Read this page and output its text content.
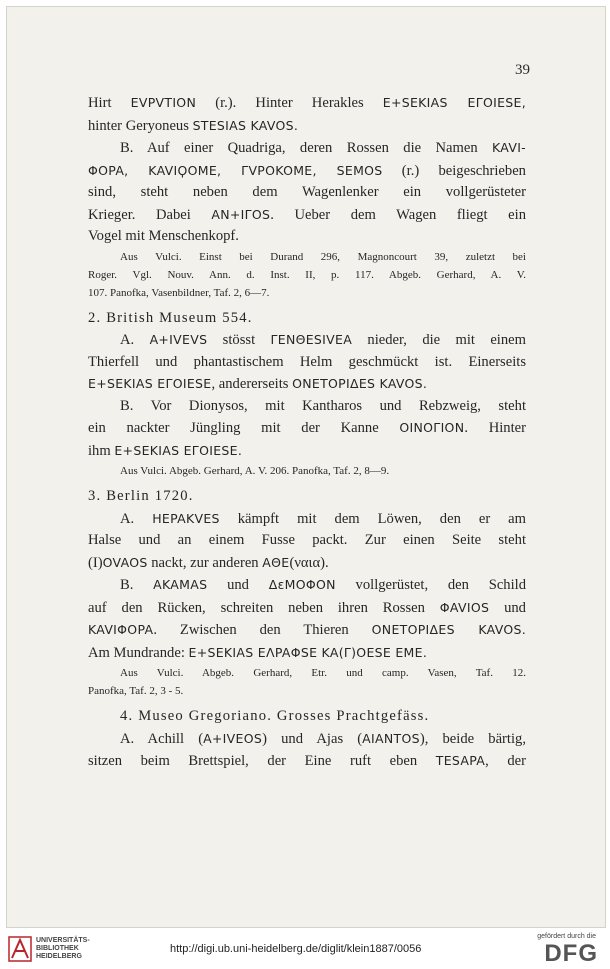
39

Hirt EVPVTION (r.). Hinter Herakles E+SEKIAS EΓOIESE,

hinter Geryoneus STESIAS KAVOS.

B. Auf einer Quadriga, deren Rossen die Namen KAVI-

ΦOPA, KAVIϘOME, ΓVPOKOME, SEMOS (r.) beigeschrieben

sind, steht neben dem Wagenlenker ein vollgerüsteter

Krieger. Dabei AN+IΓOS. Ueber dem Wagen fliegt ein

Vogel mit Menschenkopf.

Aus Vulci. Einst bei Durand 296, Magnoncourt 39, zuletzt bei

Roger. Vgl. Nouv. Ann. d. Inst. II, p. 117. Abgeb. Gerhard, A. V.

107. Panofka, Vasenbildner, Taf. 2, 6—7.

2. British Museum 554.

A. A+IVEVS stösst ΓENΘESIVEA nieder, die mit einem

Thierfell und phantastischem Helm geschmückt ist. Einerseits

E+SEKIAS EΓOIESE, andererseits ONETOPIΔES KAVOS.

B. Vor Dionysos, mit Kantharos und Rebzweig, steht

ein nackter Jüngling mit der Kanne OINOΓION. Hinter

ihm E+SEKIAS EΓOIESE.

Aus Vulci. Abgeb. Gerhard, A. V. 206. Panofka, Taf. 2, 8—9.

3. Berlin 1720.

A. HEPAKVES kämpft mit dem Löwen, den er am

Halse und an einem Fusse packt. Zur einen Seite steht

(I)OVAOS nackt, zur anderen AΘE(ναια).

B. AKAMAS und ΔεMOΦON vollgerüstet, den Schild

auf den Rücken, schreiten neben ihren Rossen ΦAVIOS und

KAVIΦOPA. Zwischen den Thieren ONETOPIΔES KAVOS.

Am Mundrande: E+SEKIAS EΛPAΦSE KA(Γ)OESE EME.

Aus Vulci. Abgeb. Gerhard, Etr. und camp. Vasen, Taf. 12.

Panofka, Taf. 2, 3 - 5.

4. Museo Gregoriano. Grosses Prachtgefäss.

A. Achill (A+IVEOS) und Ajas (AIANTOS), beide bärtig,

sitzen beim Brettspiel, der Eine ruft eben TESAPA, der

UNIVERSITÄTS-
BIBLIOTHEK
HEIDELBERG
http://digi.ub.uni-heidelberg.de/diglit/klein1887/0056
gefördert durch die
DFG
